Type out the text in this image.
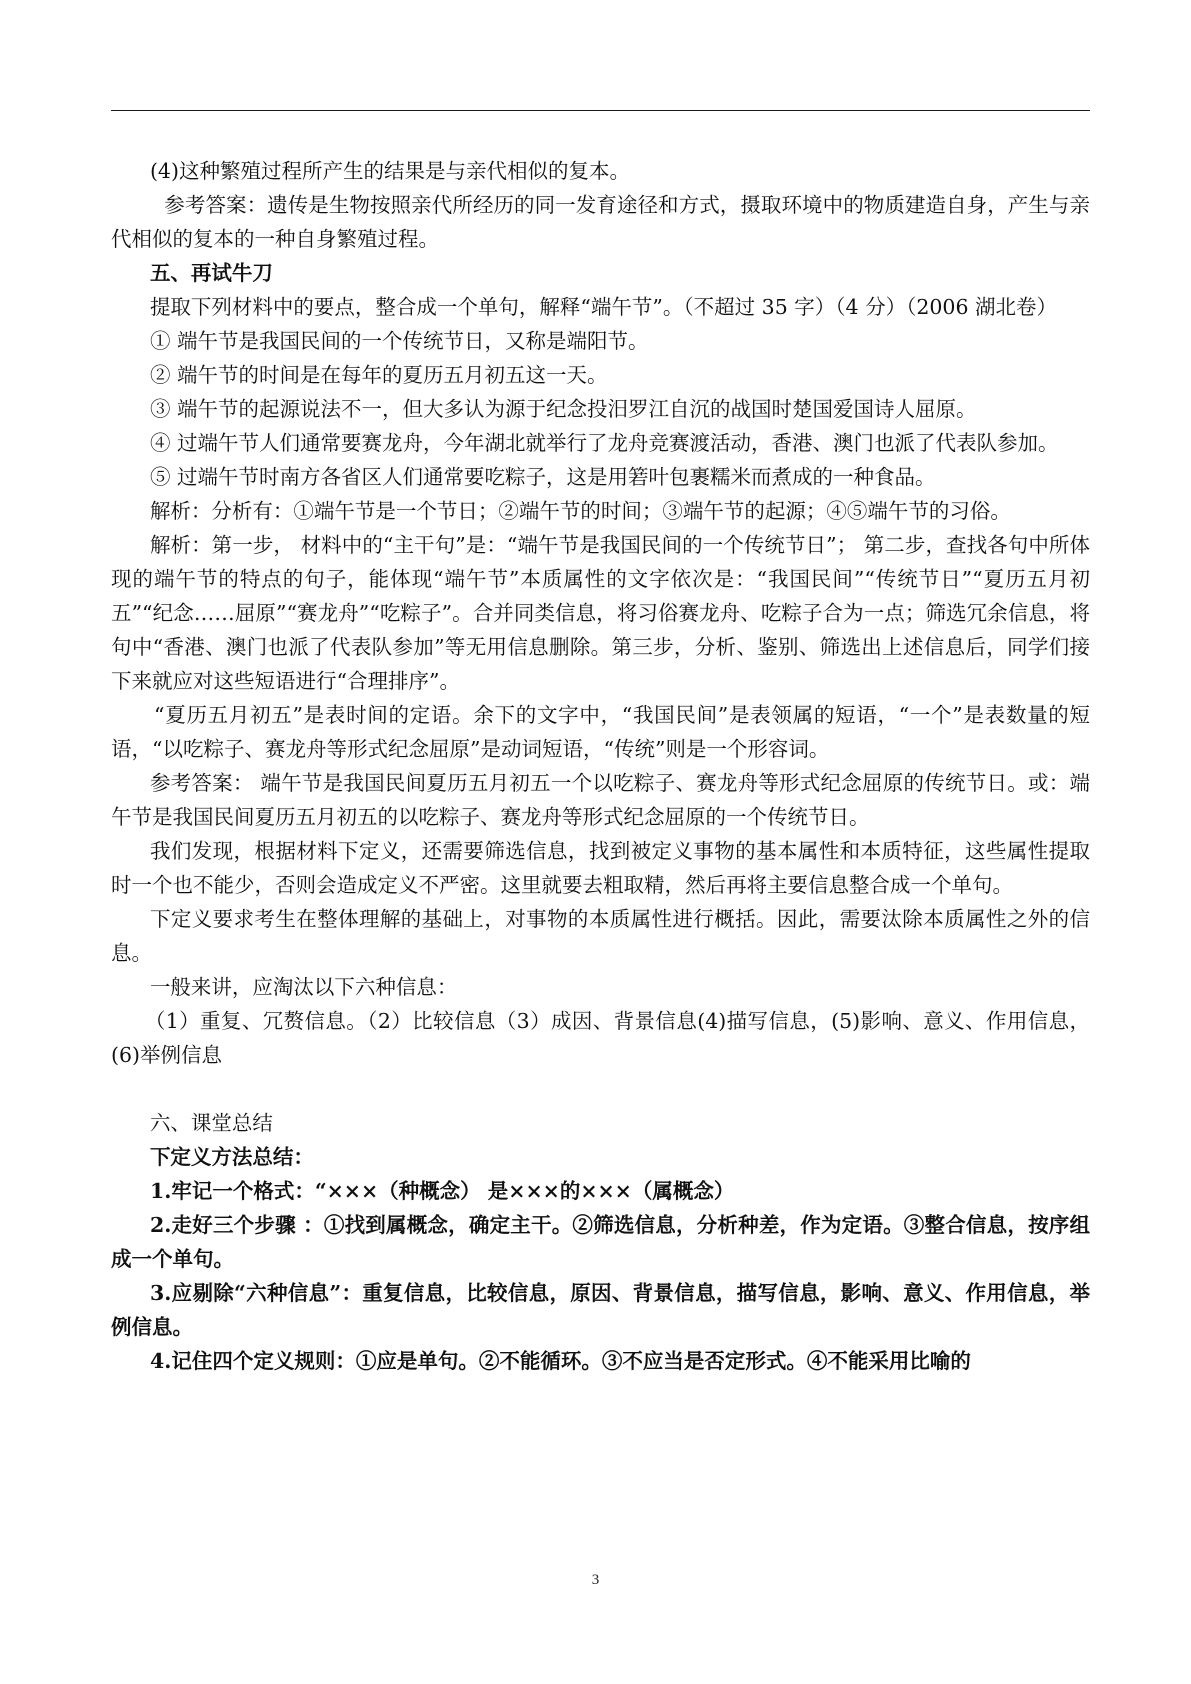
(4)这种繁殖过程所产生的结果是与亲代相似的复本。

参考答案：遗传是生物按照亲代所经历的同一发育途径和方式，摄取环境中的物质建造自身，产生与亲代相似的复本的一种自身繁殖过程。

五、再试牛刀

提取下列材料中的要点，整合成一个单句，解释“端午节”。（不超过 35 字）（4 分）（2006 湖北卷）

① 端午节是我国民间的一个传统节日，又称是端阳节。

② 端午节的时间是在每年的夏历五月初五这一天。

③ 端午节的起源说法不一，但大多认为源于纪念投汨罗江自沉的战国时楚国爱国诗人屈原。

④ 过端午节人们通常要赛龙舟，今年湖北就举行了龙舟竞赛渡活动，香港、澳门也派了代表队参加。

⑤ 过端午节时南方各省区人们通常要吃粽子，这是用箬叶包裹糯米而煮成的一种食品。

解析：分析有：①端午节是一个节日；②端午节的时间；③端午节的起源；④⑤端午节的习俗。

解析：第一步， 材料中的“主干句”是：“端午节是我国民间的一个传统节日”； 第二步，查找各句中所体现的端午节的特点的句子，能体现“端午节”本质属性的文字依次是：“我国民间”“传统节日”“夏历五月初五”“纪念……屈原”“赛龙舟”“吃粽子”。合并同类信息，将习俗赛龙舟、吃粽子合为一点；筛选冗余信息，将句中“香港、澳门也派了代表队参加”等无用信息删除。第三步，分析、鉴别、筛选出上述信息后，同学们接下来就应对这些短语进行“合理排序”。

“夏历五月初五”是表时间的定语。余下的文字中，“我国民间”是表领属的短语，“一个”是表数量的短语，“以吃粽子、赛龙舟等形式纪念屈原”是动词短语，“传统”则是一个形容词。

参考答案： 端午节是我国民间夏历五月初五一个以吃粽子、赛龙舟等形式纪念屈原的传统节日。或：端午节是我国民间夏历五月初五的以吃粽子、赛龙舟等形式纪念屈原的一个传统节日。

我们发现，根据材料下定义，还需要筛选信息，找到被定义事物的基本属性和本质特征，这些属性提取时一个也不能少，否则会造成定义不严密。这里就要去粗取精，然后再将主要信息整合成一个单句。

下定义要求考生在整体理解的基础上，对事物的本质属性进行概括。因此，需要汰除本质属性之外的信息。

一般来讲，应淘汰以下六种信息：

（1）重复、冗赘信息。（2）比较信息（3）成因、背景信息(4)描写信息，(5)影响、意义、作用信息，(6)举例信息

六、课堂总结

下定义方法总结：

1.牢记一个格式：“×××（种概念） 是×××的×××（属概念）

2.走好三个步骤 ：①找到属概念，确定主干。②筛选信息，分析种差，作为定语。③整合信息，按序组成一个单句。

3.应剔除“六种信息”：重复信息，比较信息，原因、背景信息，描写信息，影响、意义、作用信息，举例信息。

4.记住四个定义规则：①应是单句。②不能循环。③不应当是否定形式。④不能采用比喻的

3
